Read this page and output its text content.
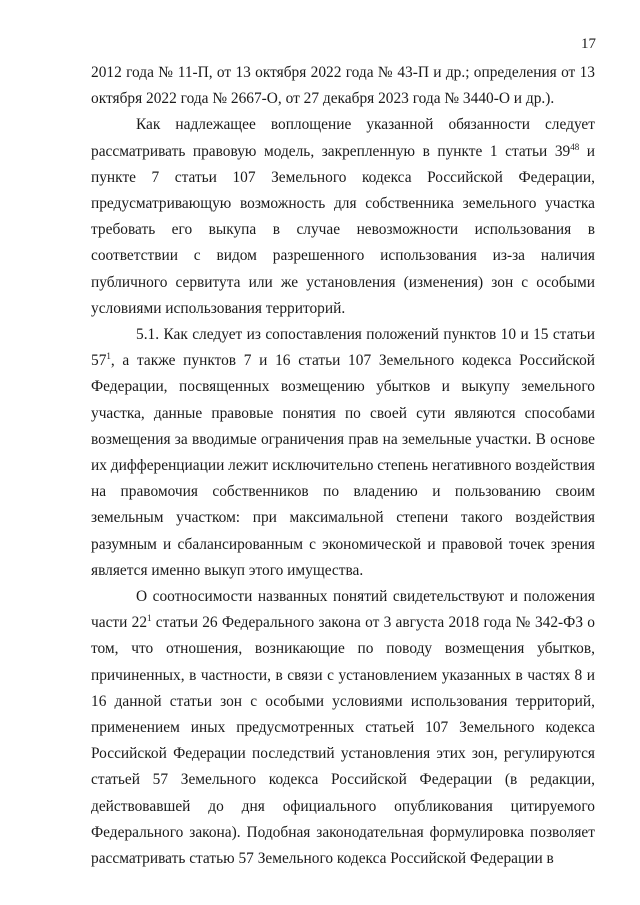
17

2012 года № 11-П, от 13 октября 2022 года № 43-П и др.; определения от 13 октября 2022 года № 2667-О, от 27 декабря 2023 года № 3440-О и др.).

Как надлежащее воплощение указанной обязанности следует рассматривать правовую модель, закрепленную в пункте 1 статьи $39^{48}$ и пункте 7 статьи 107 Земельного кодекса Российской Федерации, предусматривающую возможность для собственника земельного участка требовать его выкупа в случае невозможности использования в соответствии с видом разрешенного использования из-за наличия публичного сервитута или же установления (изменения) зон с особыми условиями использования территорий.

5.1. Как следует из сопоставления положений пунктов 10 и 15 статьи $57^1$, а также пунктов 7 и 16 статьи 107 Земельного кодекса Российской Федерации, посвященных возмещению убытков и выкупу земельного участка, данные правовые понятия по своей сути являются способами возмещения за вводимые ограничения прав на земельные участки. В основе их дифференциации лежит исключительно степень негативного воздействия на правомочия собственников по владению и пользованию своим земельным участком: при максимальной степени такого воздействия разумным и сбалансированным с экономической и правовой точек зрения является именно выкуп этого имущества.

О соотносимости названных понятий свидетельствуют и положения части $22^1$ статьи 26 Федерального закона от 3 августа 2018 года № 342-ФЗ о том, что отношения, возникающие по поводу возмещения убытков, причиненных, в частности, в связи с установлением указанных в частях 8 и 16 данной статьи зон с особыми условиями использования территорий, применением иных предусмотренных статьей 107 Земельного кодекса Российской Федерации последствий установления этих зон, регулируются статьей 57 Земельного кодекса Российской Федерации (в редакции, действовавшей до дня официального опубликования цитируемого Федерального закона). Подобная законодательная формулировка позволяет рассматривать статью 57 Земельного кодекса Российской Федерации в
